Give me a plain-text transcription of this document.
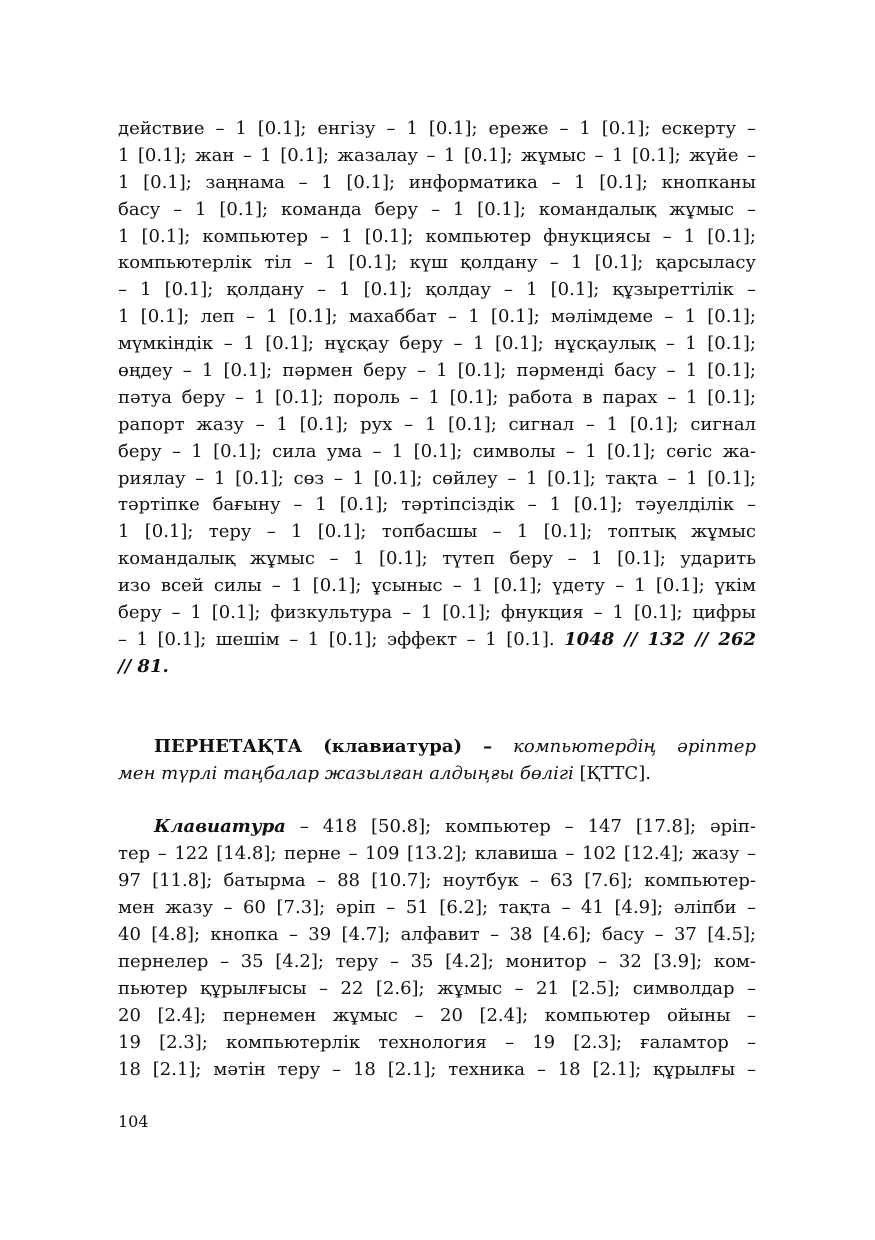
действие – 1 [0.1]; енгізу – 1 [0.1]; ереже – 1 [0.1]; ескерту –
1 [0.1]; жан – 1 [0.1]; жазалау – 1 [0.1]; жұмыс – 1 [0.1]; жүйе –
1 [0.1]; заңнама – 1 [0.1]; информатика – 1 [0.1]; кнопканы
басу – 1 [0.1]; команда беру – 1 [0.1]; командалық жұмыс –
1 [0.1]; компьютер – 1 [0.1]; компьютер фнукциясы – 1 [0.1];
компьютерлік тіл – 1 [0.1]; күш қолдану – 1 [0.1]; қарсыласу
– 1 [0.1]; қолдану – 1 [0.1]; қолдау – 1 [0.1]; құзыреттілік –
1 [0.1]; леп – 1 [0.1]; махаббат – 1 [0.1]; мәлімдеме – 1 [0.1];
мүмкіндік – 1 [0.1]; нұсқау беру – 1 [0.1]; нұсқаулық – 1 [0.1];
өңдеу – 1 [0.1]; пәрмен беру – 1 [0.1]; пәрменді басу – 1 [0.1];
пәтуа беру – 1 [0.1]; пороль – 1 [0.1]; работа в парах – 1 [0.1];
рапорт жазу – 1 [0.1]; рух – 1 [0.1]; сигнал – 1 [0.1]; сигнал
беру – 1 [0.1]; сила ума – 1 [0.1]; символы – 1 [0.1]; сөгіс жа-
риялау – 1 [0.1]; сөз – 1 [0.1]; сөйлеу – 1 [0.1]; тақта – 1 [0.1];
тәртіпке бағыну – 1 [0.1]; тәртіпсіздік – 1 [0.1]; тәуелділік –
1 [0.1]; теру – 1 [0.1]; топбасшы – 1 [0.1]; топтық жұмыс
командалық жұмыс – 1 [0.1]; түтеп беру – 1 [0.1]; ударить
изо всей силы – 1 [0.1]; ұсыныс – 1 [0.1]; үдету – 1 [0.1]; үкім
беру – 1 [0.1]; физкультура – 1 [0.1]; фнукция – 1 [0.1]; цифры
– 1 [0.1]; шешім – 1 [0.1]; эффект – 1 [0.1]. 1048 // 132 // 262
// 81.
ПЕРНЕТАҚТА (клавиатура) – компьютердің әріптер
мен түрлі таңбалар жазылған алдыңғы бөлігі [ҚТТС].
Клавиатура – 418 [50.8]; компьютер – 147 [17.8]; әріп-
тер – 122 [14.8]; перне – 109 [13.2]; клавиша – 102 [12.4]; жазу –
97 [11.8]; батырма – 88 [10.7]; ноутбук – 63 [7.6]; компьютер-
мен жазу – 60 [7.3]; әріп – 51 [6.2]; тақта – 41 [4.9]; әліпби –
40 [4.8]; кнопка – 39 [4.7]; алфавит – 38 [4.6]; басу – 37 [4.5];
пернелер – 35 [4.2]; теру – 35 [4.2]; монитор – 32 [3.9]; ком-
пьютер құрылғысы – 22 [2.6]; жұмыс – 21 [2.5]; символдар –
20 [2.4]; пернемен жұмыс – 20 [2.4]; компьютер ойыны –
19 [2.3]; компьютерлік технология – 19 [2.3]; ғаламтор –
18 [2.1]; мәтін теру – 18 [2.1]; техника – 18 [2.1]; құрылғы –
104
